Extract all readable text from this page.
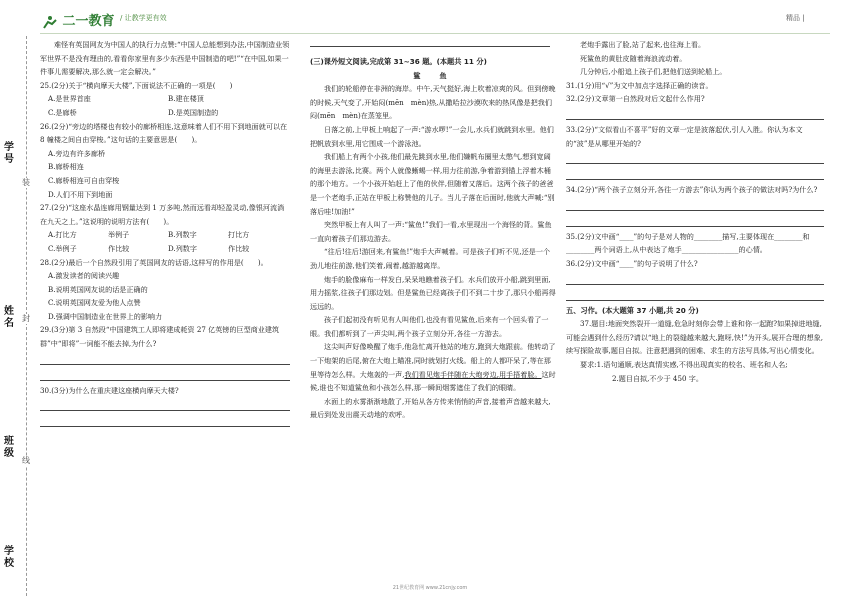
二一教育 / 让教学更有效	精品 |
学号
姓名
班级
学校
装
封
线

难怪有英国网友为中国人的执行力点赞:“中国人总能想到办法,中国制造业领军世界不是没有理由的,看看你家里有多少东西是中国制造的吧!”“在中国,如果一件事儿需要解决,那么就一定会解决。”

25.(2分)关于“横向摩天大楼”,下面说法不正确的一项是(　　)

A.是世界首座	B.建在楼顶

C.是廊桥	D.是英国制造的

26.(2分)“旁边的塔楼也有较小的廊桥相连,这意味着人们不用下到地面就可以在 8 幢楼之间自由穿梭。”这句话的主要意思是(　　)。

A.旁边有许多廊桥

B.廊桥相连

C.廊桥相连可自由穿梭

D.人们不用下到地面

27.(2分)“这座水晶连廊用钢量达到 1 万多吨,然而远看却轻盈灵动,像银河流淌在九天之上。”这说明的说明方法有(　　)。

A.打比方	举例子	B.列数字	打比方

C.举例子	作比较	D.列数字	作比较

28.(2分)最后一个自然段引用了英国网友的话语,这样写的作用是(　　)。

A.激发读者的阅读兴趣

B.说明英国网友说的话是正确的

C.说明英国网友爱为他人点赞

D.强调中国制造业在世界上的影响力

29.(3分)第 3 自然段“中国建筑工人即将建成耗资 27 亿英镑的巨型商业建筑群”中“即将”一词能不能去掉,为什么?

30.(3分)为什么在重庆建这座横向摩天大楼?

(三)课外短文阅读,完成第 31~36 题。(本题共 11 分)

鲨　鱼

我们的轮船停在非洲的海岸。中午,天气挺好,海上吹着凉爽的风。但到傍晚的时候,天气变了,开始闷(mēn　mèn)热,从撒哈拉沙漠吹来的热风像是把我们闷(mēn　mèn)在蒸笼里。

日落之前,上甲板上响起了一声:“游水啰!”一会儿,水兵们就跳到水里。他们把帆放到水里,用它围成一个游泳池。

我们船上有两个小孩,他们最先跳到水里,他们嫌帆布圈里太憋气,想到宽阔的海里去游泳,比赛。两个人就像蜥蜴一样,用力往前游,争着游到锚上浮着木桶的那个地方。一个小孩开始赶上了他的伙伴,但随着又落后。这两个孩子的爸爸是一个老炮手,正站在甲板上称赞他的儿子。当儿子落在后面时,他就大声喊:“别落后哇!加油!”

突然甲板上有人叫了一声:“鲨鱼!”我们一看,水里现出一个海怪的背。鲨鱼一直向着孩子们那边游去。

“往后!往后!游回来,有鲨鱼!”炮手大声喊着。可是孩子们听不见,还是一个劲儿地往前游,他们笑着,闹着,越游越离岸。

炮手的脸像麻布一样发白,呆呆地瞧着孩子们。水兵们放开小船,跳到里面,用力摇浆,往孩子们那边划。但是鲨鱼已经离孩子们不到二十步了,那只小船再得远远的。

孩子们起初没有听见有人叫他们,也没有看见鲨鱼,后来有一个回头看了一眼。我们都听到了一声尖叫,两个孩子立刻分开,各往一方游去。

这尖叫声好像唤醒了炮手,他急忙离开他站的地方,跑到大炮跟前。他转动了一下炮架的后尾,俯在大炮上瞄准,同时就划打火线。船上的人都吓呆了,等在那里等待怎么样。大炮轰的一声,我们看见炮手伴随在大炮旁边,用手捂着脸。这时候,谁也不知道鲨鱼和小孩怎么样,那一瞬间烟雾遮住了我们的眼睛。

水面上的水雾渐渐地散了,开始从各方传来悄悄的声音,接着声音越来越大,最后到处发出震天动地的欢呼。

老炮手露出了脸,站了起来,也往海上看。

死鲨鱼的黄肚皮随着海浪流动着。

几分钟后,小船追上孩子们,把他们送到轮船上。

31.(1分)用“√”为文中加点字选择正确的读音。

32.(2分)文章第一自然段对后文起什么作用?

33.(2分)“文似看山不喜平”好的文章一定是波落起伏,引人入胜。你认为本文的“波”是从哪里开始的?

34.(2分)“两个孩子立刻分开,各往一方游去”你认为两个孩子的做法对吗?为什么?

35.(2分)文中画“____”的句子是对人物的________描写,主要体现在________和________两个词语上,从中表达了炮手________________的心情。

36.(2分)文中画“____”的句子说明了什么?

五、习作。(本大题第 37 小题,共 20 分)

37.题目:地面突然裂开一道缝,危急时刻你会带上谁和你一起跑?如果掉进地缝,可能会遇到什么经历?请以“地上的裂缝越来越大,跑呀,快!”为开头,展开合理的想象,续写探险故事,题目自拟。注意把遇到的困难、求生的方法写具体,写出心情变化。

要求:1.语句通顺,表达真情实感,不得出现真实的校名、班名和人名;

2.题目自拟,不少于 450 字。

21世纪教育网 www.21cnjy.com
